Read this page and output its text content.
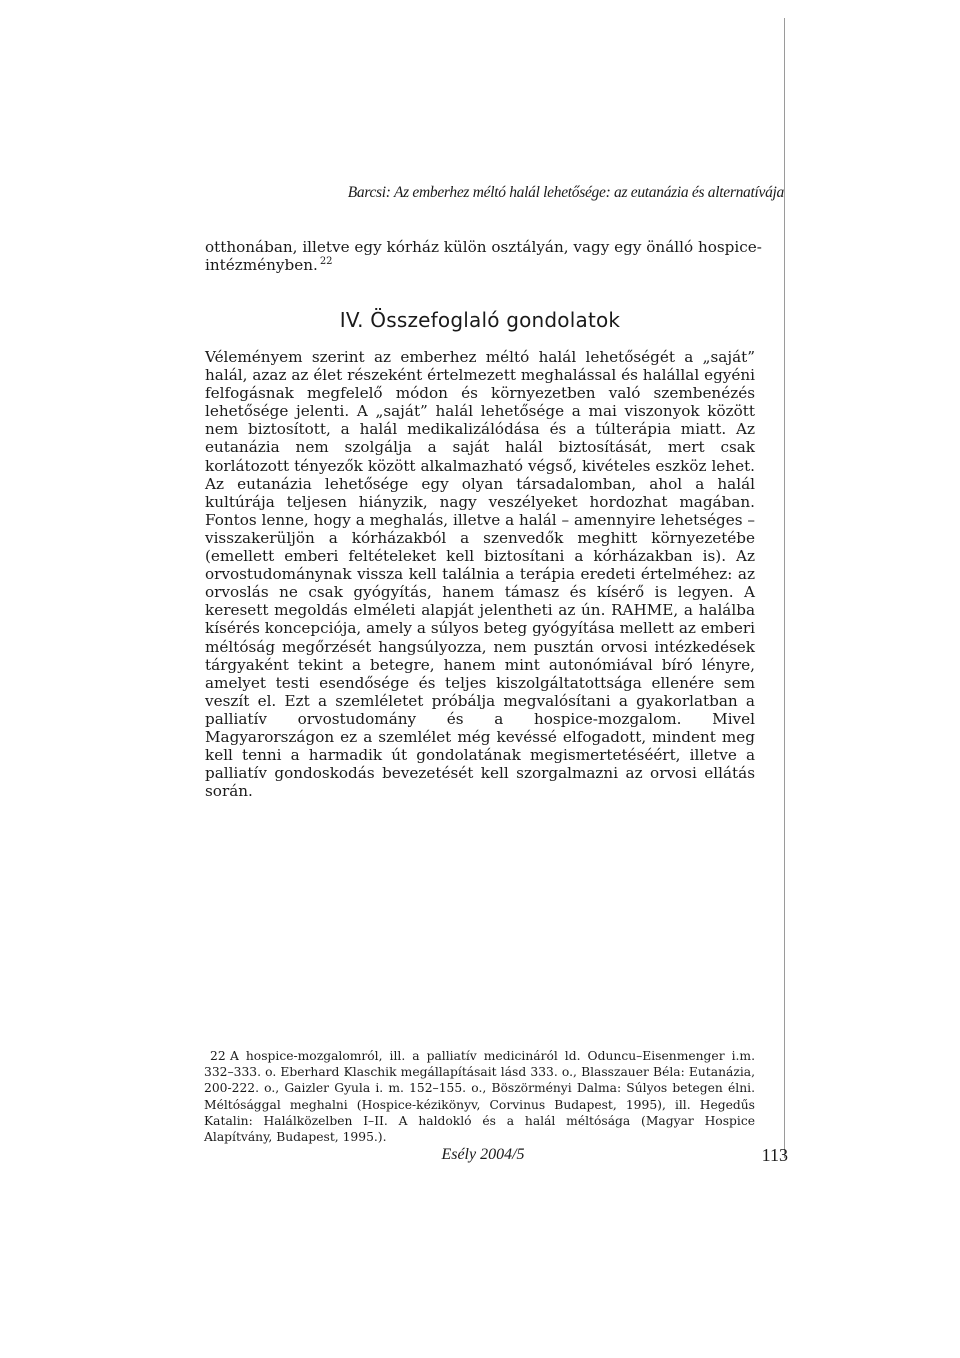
Barcsi: Az emberhez méltó halál lehetősége: az eutanázia és alternatívája
otthonában, illetve egy kórház külön osztályán, vagy egy önálló hospice-
intézményben. $^{22}$
IV. Összefoglaló gondolatok
Véleményem szerint az emberhez méltó halál lehetőségét a „saját” halál, azaz az élet részeként értelmezett meghalással és halállal egyéni felfogásnak megfelelő módon és környezetben való szembenézés lehetősége jelenti. A „saját” halál lehetősége a mai viszonyok között nem biztosított, a halál medikalizálódása és a túlterápia miatt. Az eutanázia nem szolgálja a saját halál biztosítását, mert csak korlátozott tényezők között alkalmazható végső, kivételes eszköz lehet. Az eutanázia lehetősége egy olyan társadalomban, ahol a halál kultúrája teljesen hiányzik, nagy veszélyeket hordozhat magában. Fontos lenne, hogy a meghalás, illetve a halál – amennyire lehetséges – visszakerüljön a kórházakból a szenvedők meghitt környezetébe (emellett emberi feltételeket kell biztosítani a kórházakban is). Az orvostudománynak vissza kell találnia a terápia eredeti értelméhez: az orvoslás ne csak gyógyítás, hanem támasz és kísérő is legyen. A keresett megoldás elméleti alapját jelentheti az ún. RAHME, a halálba kísérés koncepciója, amely a súlyos beteg gyógyítása mellett az emberi méltóság megőrzését hangsúlyozza, nem pusztán orvosi intézkedések tárgyaként tekint a betegre, hanem mint autonómiával bíró lényre, amelyet testi esendősége és teljes kiszolgáltatottsága ellenére sem veszít el. Ezt a szemléletet próbálja megvalósítani a gyakorlatban a palliatív orvostudomány és a hospice-mozgalom. Mivel Magyarországon ez a szemlélet még kevéssé elfogadott, mindent meg kell tenni a harmadik út gondolatának megismertetéséért, illetve a palliatív gondoskodás bevezetését kell szorgalmazni az orvosi ellátás során.
22 A hospice-mozgalomról, ill. a palliatív medicináról ld. Oduncu–Eisenmenger i.m. 332–333. o. Eberhard Klaschik megállapításait lásd 333. o., Blasszauer Béla: Eutanázia, 200-222. o., Gaizler Gyula i. m. 152–155. o., Böszörményi Dalma: Súlyos betegen élni. Méltósággal meghalni (Hospice-kézikönyv, Corvinus Budapest, 1995), ill. Hegedűs Katalin: Halálközelben I–II. A haldokló és a halál méltósága (Magyar Hospice Alapítvány, Budapest, 1995.).
Esély 2004/5	113
